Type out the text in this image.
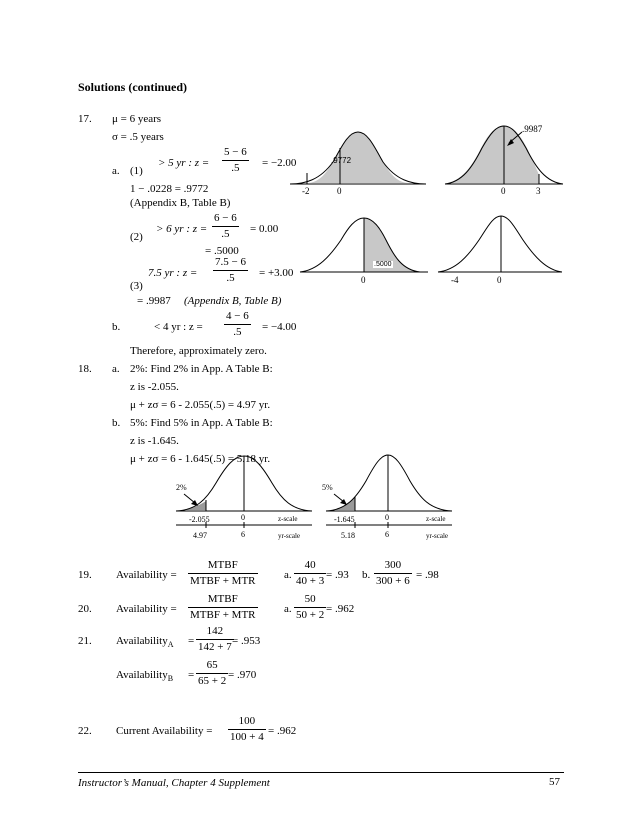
Solutions (continued)
17. μ = 6 years
σ = .5 years
a. (1)
> 5 yr : $z = \frac{5 - 6}{.5} = -2.00$
1 − .0228 = .9772
(Appendix B, Table B)
(2)
> 6 yr : $z = \frac{6 - 6}{.5} = 0.00$
= .5000
7.5 yr : $z = \frac{7.5 - 6}{.5} = +3.00$
(3)
= .9987 (Appendix B, Table B)
b.	< 4 yr : $z = \frac{4 - 6}{.5} = -4.00$
Therefore, approximately zero.
.9772
-2	0
.9987
0	3
.5000
0	-4	0
18. a. 2%: Find 2% in App. A Table B:
z is -2.055.
μ + zσ = 6 - 2.055(.5) = 4.97 yr.
b. 5%: Find 5% in App. A Table B:
z is -1.645.
μ + zσ = 6 - 1.645(.5) = 5.18 yr.
2%
-2.055	0	z-scale
4.97	6	yr-scale
5%
-1.645	0	z-scale
5.18	6	yr-scale
19. Availability =
MTBF
MTBF + MTR	a. $\frac{40}{40 + 3} = .93$ b. $\frac{300}{300 + 6} = .98$
20. Availability =
MTBF
MTBF + MTR	a. $\frac{50}{50 + 2} = .962$
21. Availability$_A$ = $\frac{142}{142 + 7}$
= .953
Availability$_B$ = $\frac{65}{65 + 2} = .970$
22. Current Availability = $\frac{100}{100 + 4} = .962$
Instructor’s Manual, Chapter 4 Supplement	57
